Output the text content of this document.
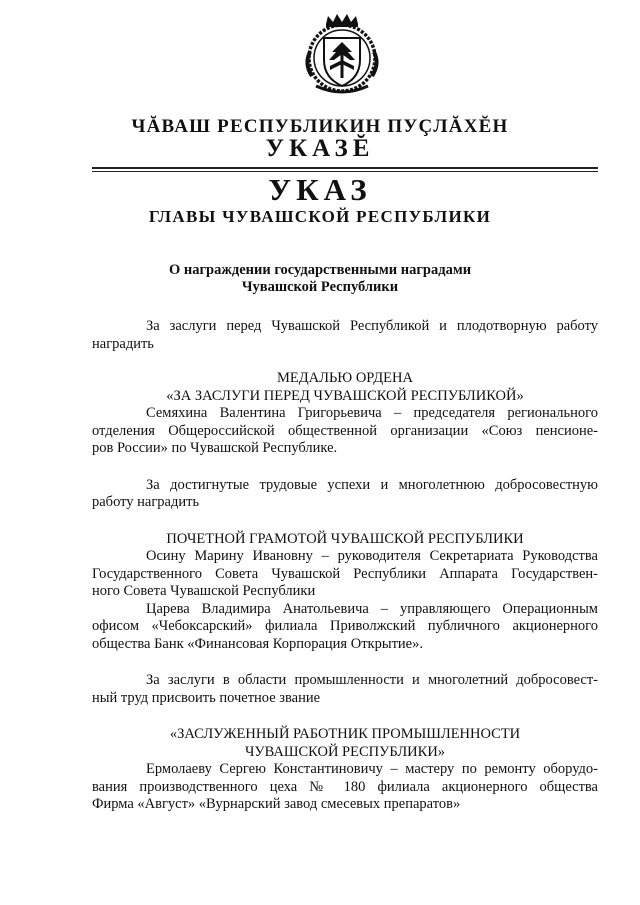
ЧĂВАШ РЕСПУБЛИКИН ПУÇЛĂХĔН
УКАЗĔ
УКАЗ
ГЛАВЫ ЧУВАШСКОЙ РЕСПУБЛИКИ
О награждении государственными наградами
Чувашской Республики

За заслуги перед Чувашской Республикой и плодотворную работу

наградить

МЕДАЛЬЮ ОРДЕНА

«ЗА ЗАСЛУГИ ПЕРЕД ЧУВАШСКОЙ РЕСПУБЛИКОЙ»

Семяхина Валентина Григорьевича – председателя регионального

отделения Общероссийской общественной организации «Союз пенсионе-

ров России» по Чувашской Республике.

За достигнутые трудовые успехи и многолетнюю добросовестную

работу наградить

ПОЧЕТНОЙ ГРАМОТОЙ ЧУВАШСКОЙ РЕСПУБЛИКИ

Осину Марину Ивановну – руководителя Секретариата Руководства

Государственного Совета Чувашской Республики Аппарата Государствен-

ного Совета Чувашской Республики

Царева Владимира Анатольевича – управляющего Операционным

офисом «Чебоксарский» филиала Приволжский публичного акционерного

общества Банк «Финансовая Корпорация Открытие».

За заслуги в области промышленности и многолетний добросовест-

ный труд присвоить почетное звание

«ЗАСЛУЖЕННЫЙ РАБОТНИК ПРОМЫШЛЕННОСТИ

ЧУВАШСКОЙ РЕСПУБЛИКИ»

Ермолаеву Сергею Константиновичу – мастеру по ремонту оборудо-

вания производственного цеха № 180 филиала акционерного общества

Фирма «Август» «Вурнарский завод смесевых препаратов»
